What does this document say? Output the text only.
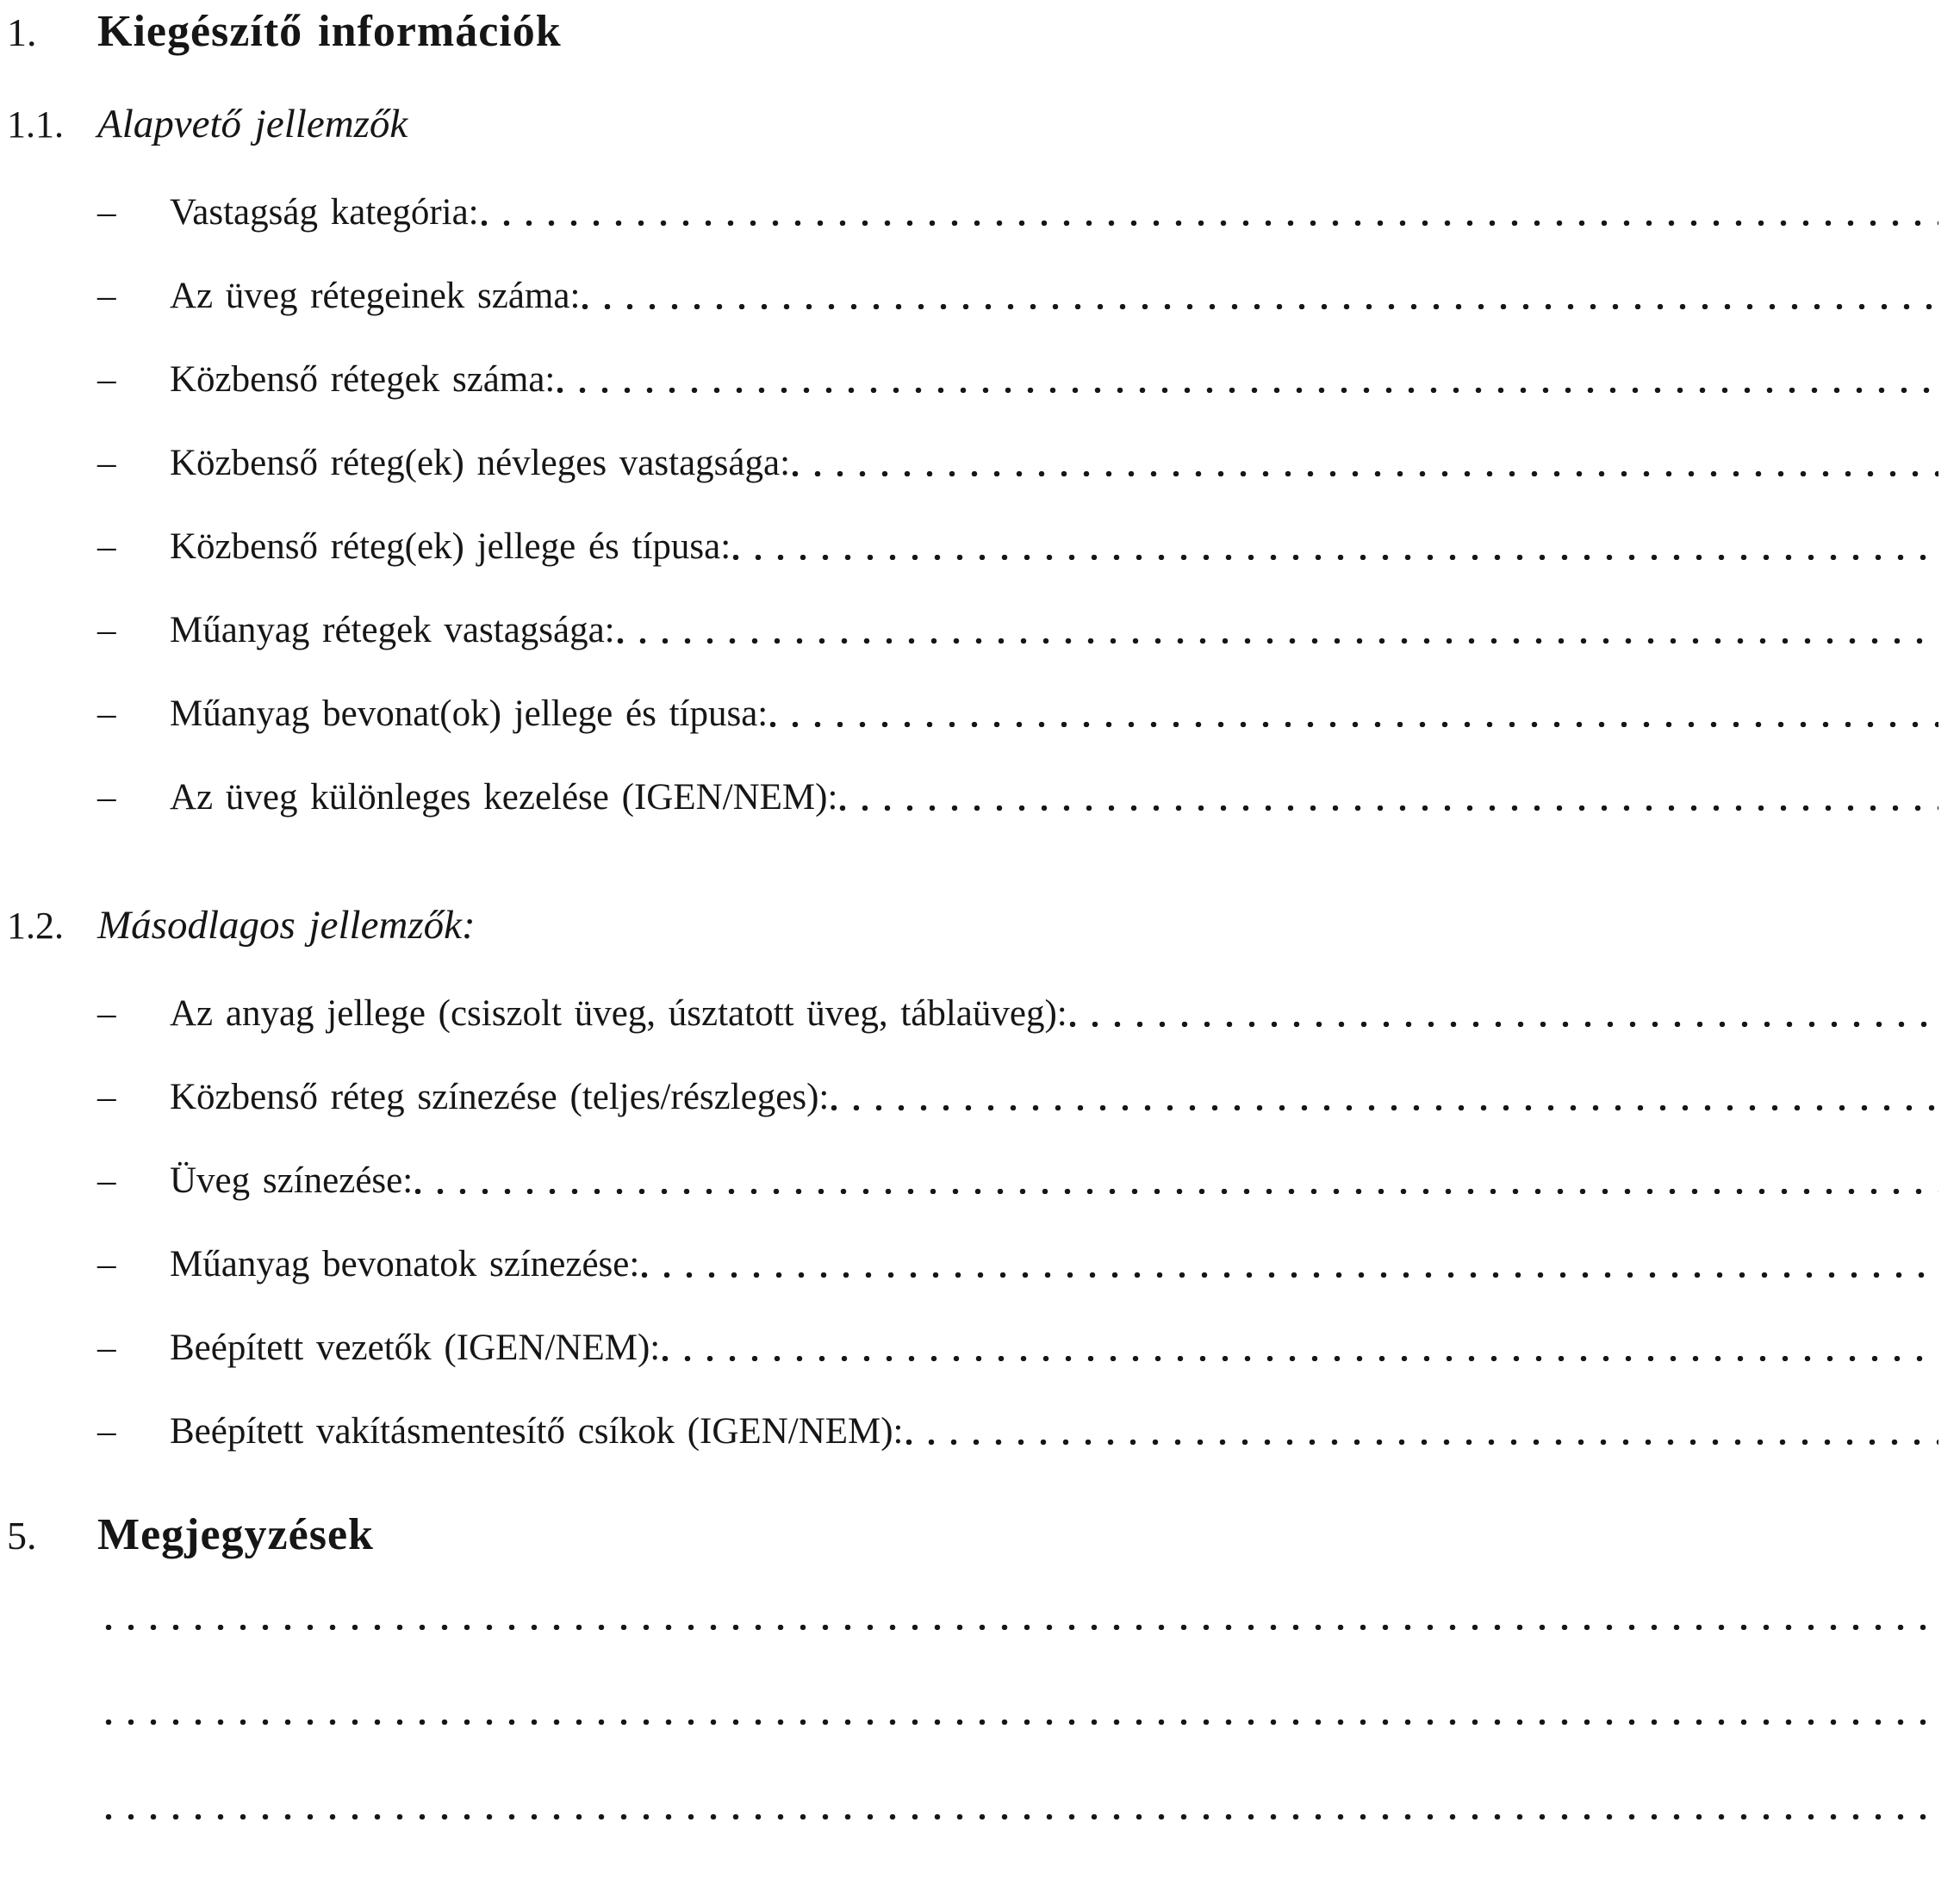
1.	Kiegészítő információk
1.1. Alapvető jellemzők
–	Vastagság kategória:
–	Az üveg rétegeinek száma:
–	Közbenső rétegek száma:
–	Közbenső réteg(ek) névleges vastagsága:
–	Közbenső réteg(ek) jellege és típusa:
–	Műanyag rétegek vastagsága:
–	Műanyag bevonat(ok) jellege és típusa:
–	Az üveg különleges kezelése (IGEN/NEM):
1.2. Másodlagos jellemzők:
–	Az anyag jellege (csiszolt üveg, úsztatott üveg, táblaüveg):
–	Közbenső réteg színezése (teljes/részleges):
–	Üveg színezése:
–	Műanyag bevonatok színezése:
–	Beépített vezetők (IGEN/NEM):
–	Beépített vakításmentesítő csíkok (IGEN/NEM):
5.	Megjegyzések
